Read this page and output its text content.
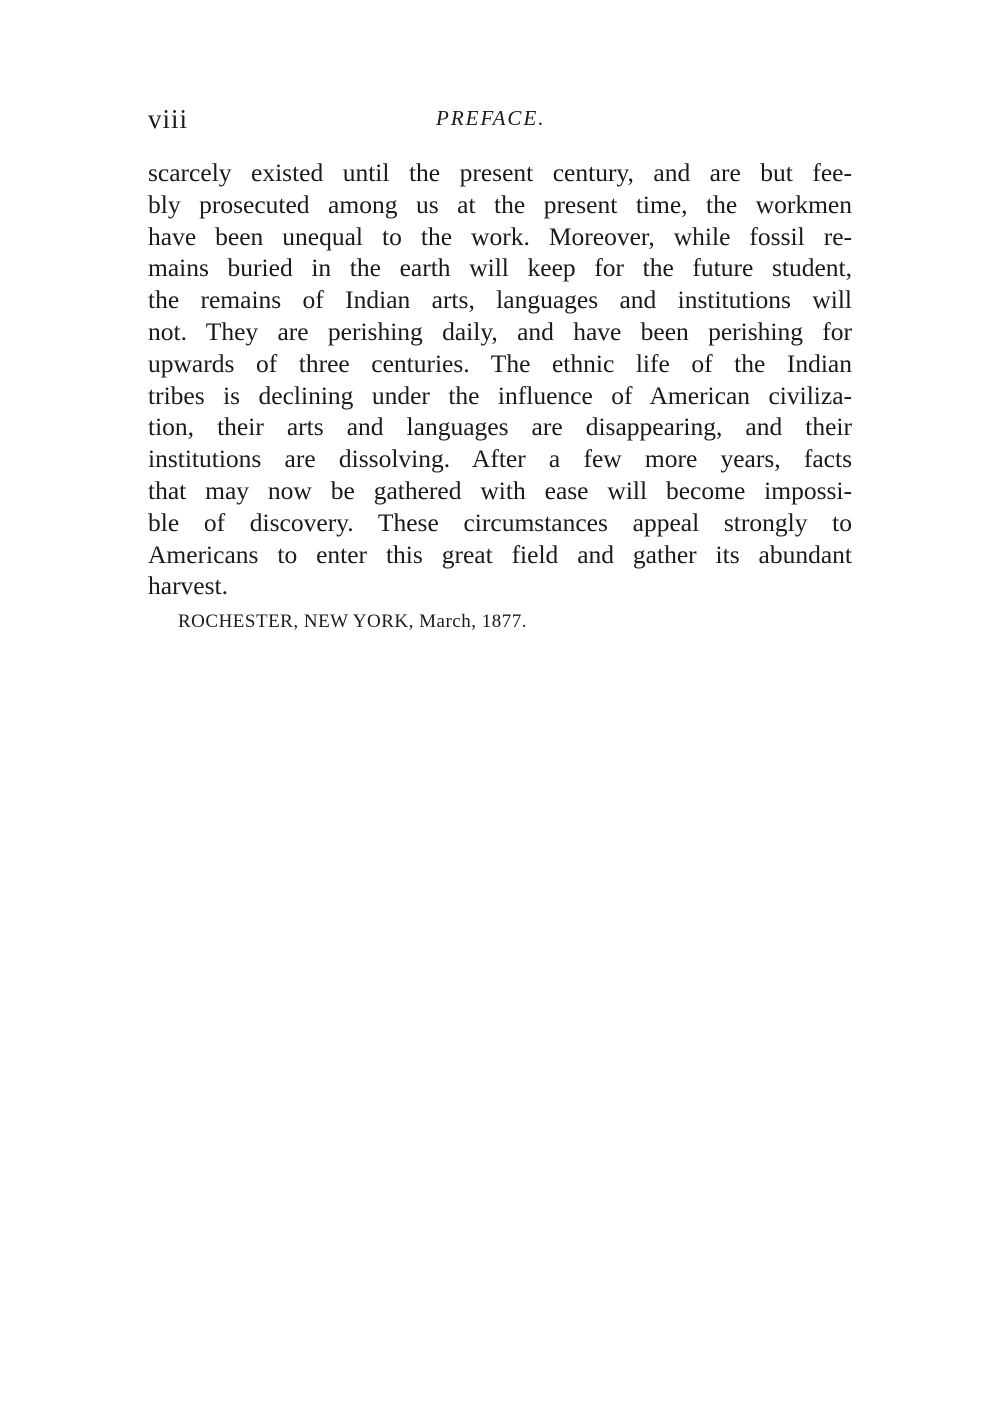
viii	PREFACE.
scarcely existed until the present century, and are but fee-
bly prosecuted among us at the present time, the workmen
have been unequal to the work. Moreover, while fossil re-
mains buried in the earth will keep for the future student,
the remains of Indian arts, languages and institutions will
not. They are perishing daily, and have been perishing for
upwards of three centuries. The ethnic life of the Indian
tribes is declining under the influence of American civiliza-
tion, their arts and languages are disappearing, and their
institutions are dissolving. After a few more years, facts
that may now be gathered with ease will become impossi-
ble of discovery. These circumstances appeal strongly to
Americans to enter this great field and gather its abundant
harvest.
ROCHESTER, NEW YORK, March, 1877.
